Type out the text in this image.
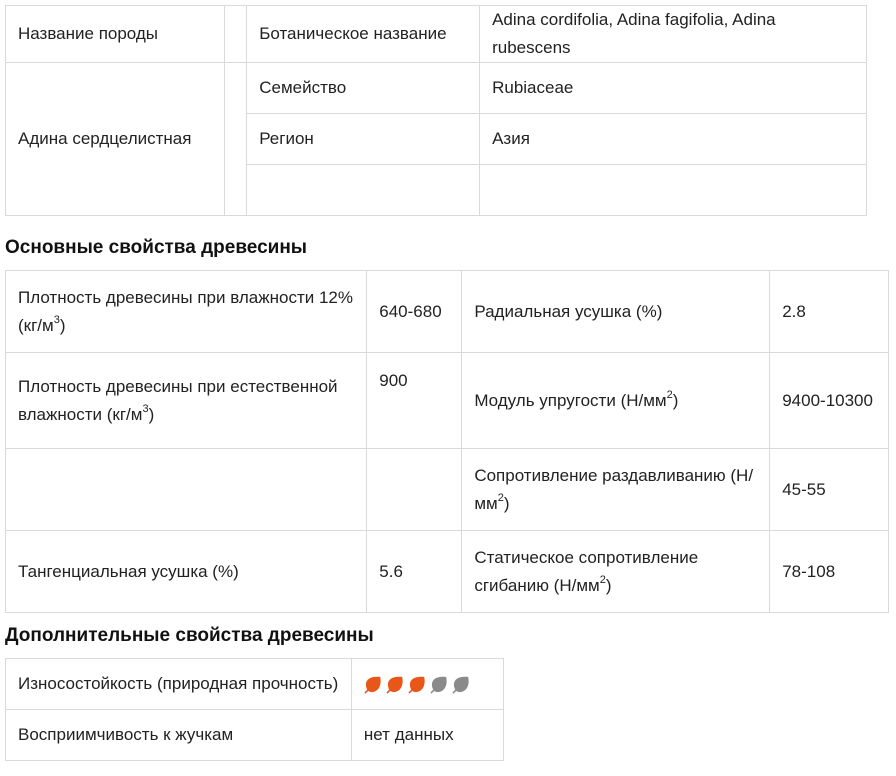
Название породы		Ботаническое название	Adina cordifolia, Adina fagifolia, Adina rubescens
Адина сердцелистная		Семейство	Rubiaceae
		Регион	Азия

Основные свойства древесины
Плотность древесины при влажности 12% $(кг/м^3)$	640-680	Радиальная усушка (%)	2.8
Плотность древесины при естественной влажности $(кг/м^3)$	900	Модуль упругости $(Н/мм^2)$	9400-10300
		Сопротивление раздавливанию $(Н/мм^2)$	45-55
Тангенциальная усушка (%)	5.6	Статическое сопротивление сгибанию $(Н/мм^2)$	78-108
Дополнительные свойства древесины
Износостойкость (природная прочность)	

Восприимчивость к жучкам	нет данных
